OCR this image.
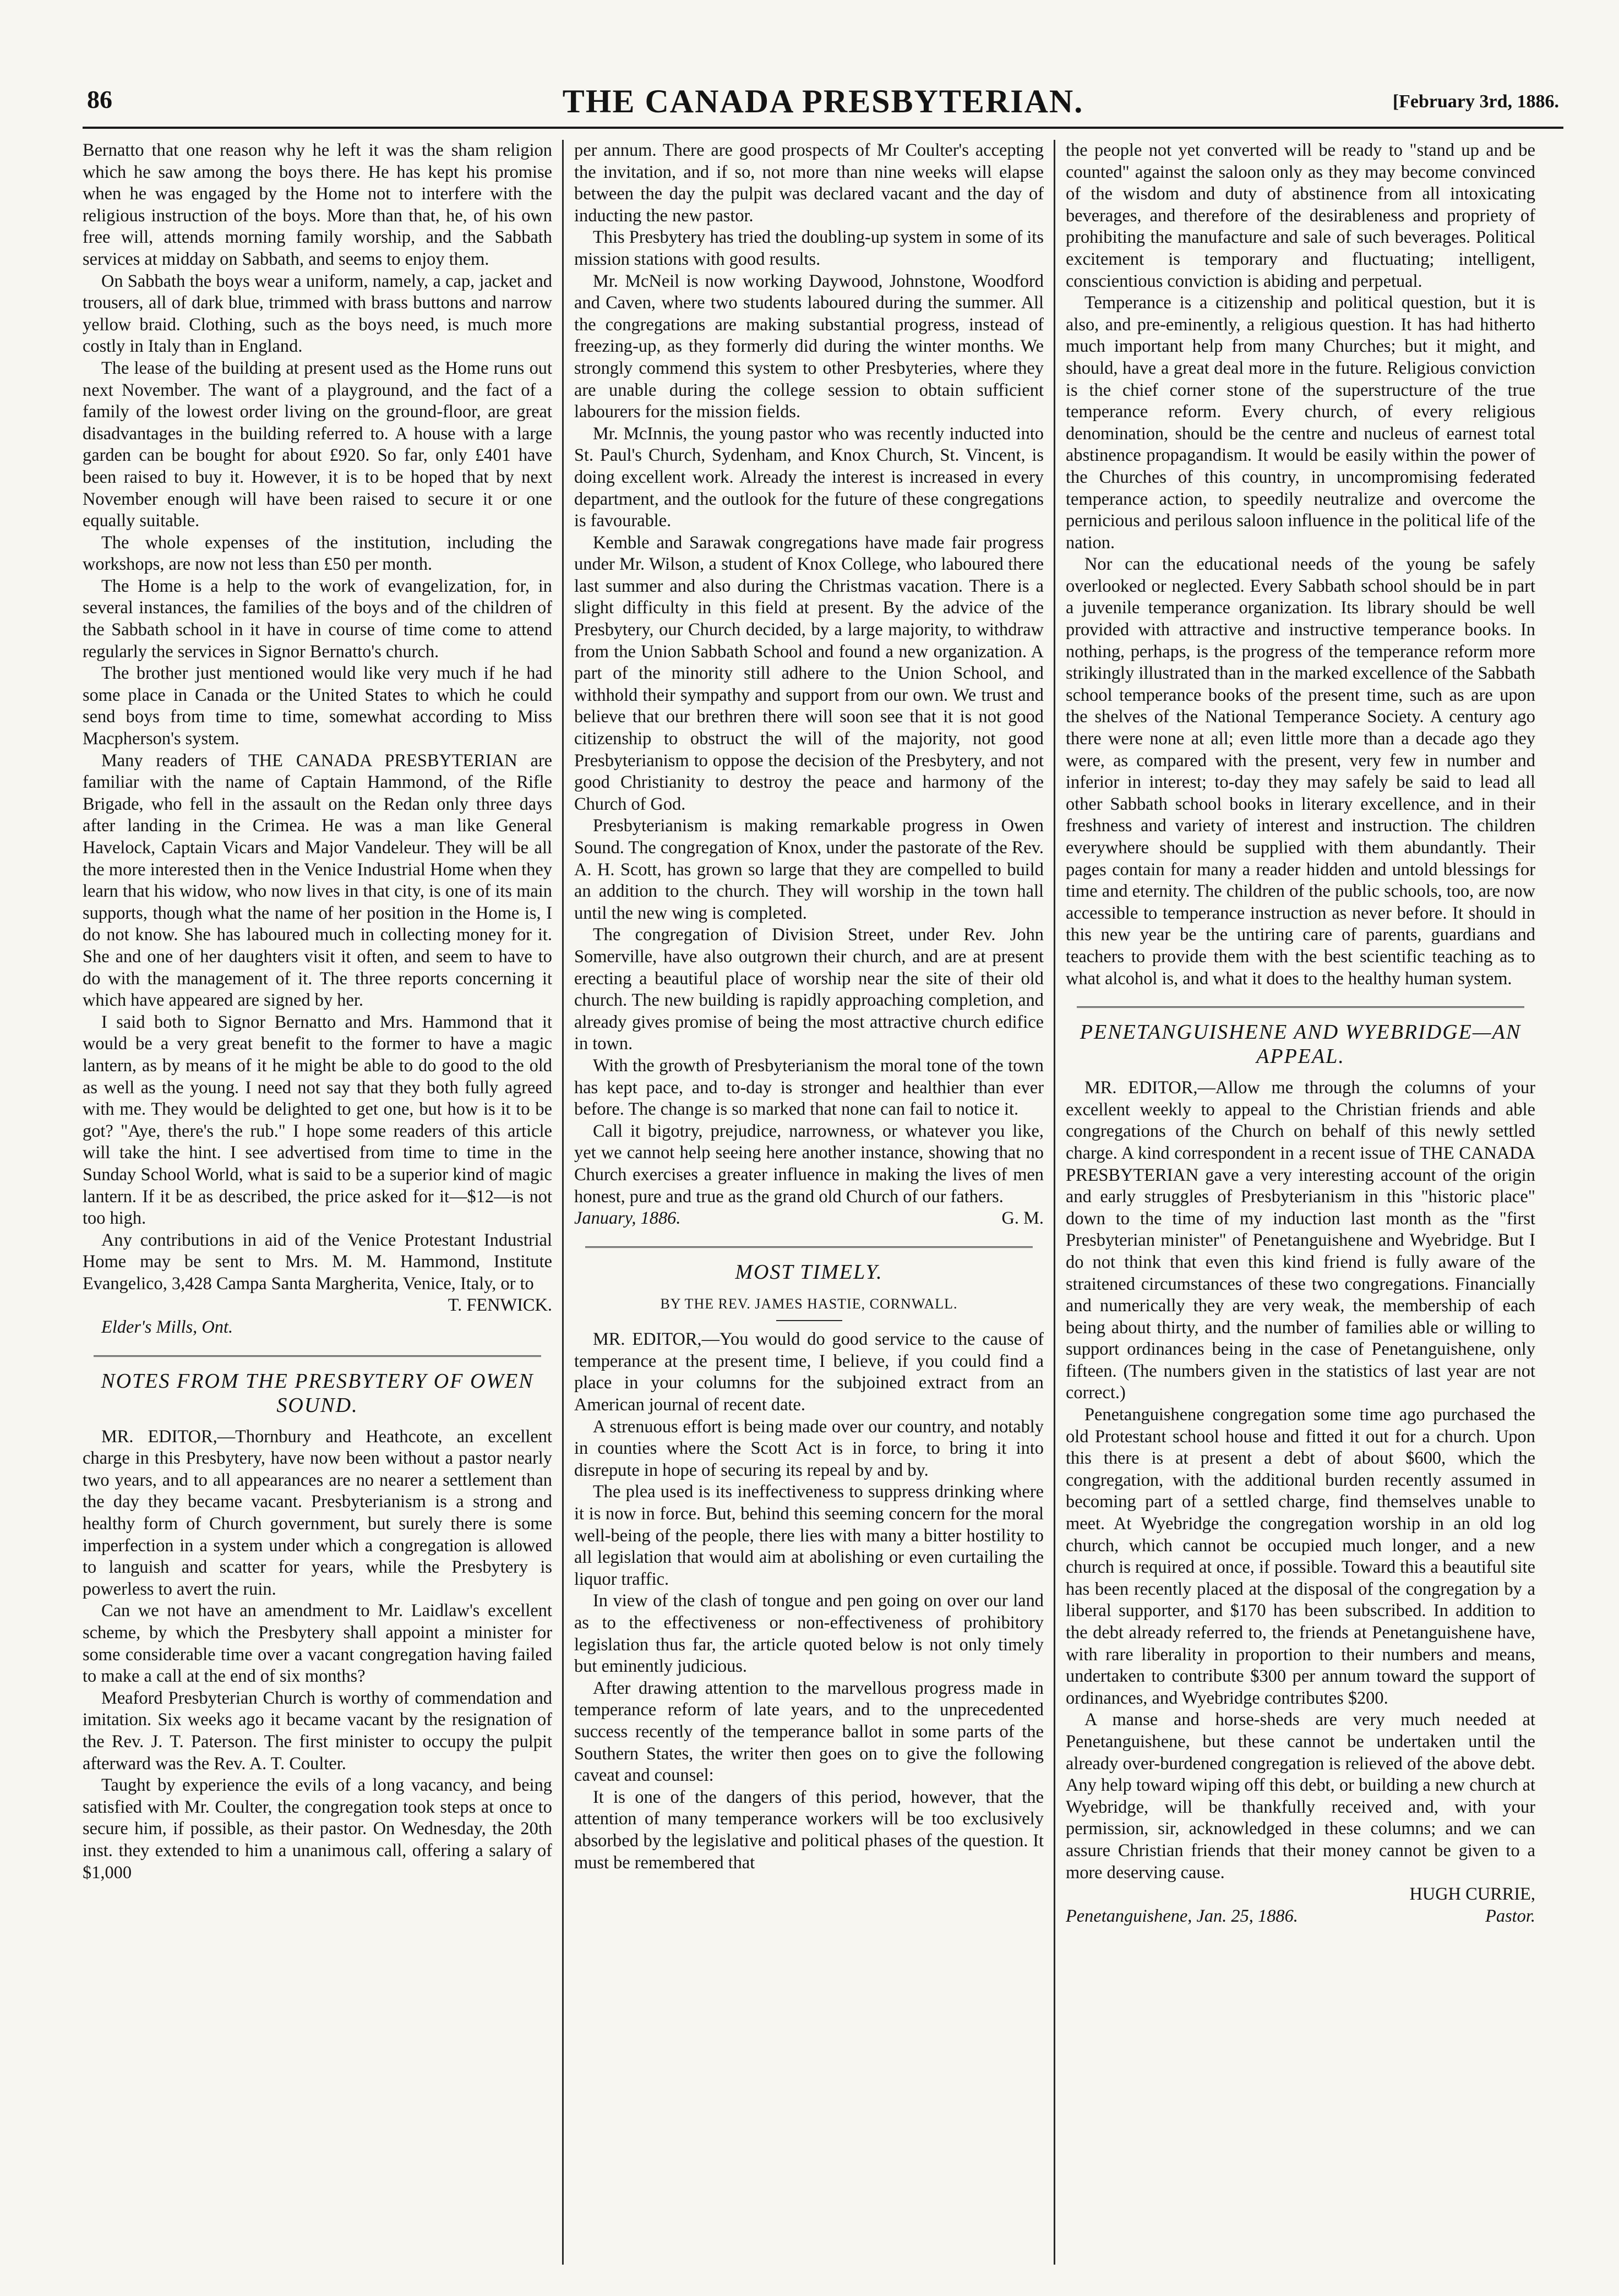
86	THE CANADA PRESBYTERIAN.	[February 3rd, 1886.

Bernatto that one reason why he left it was the sham religion which he saw among the boys there. He has kept his promise when he was engaged by the Home not to interfere with the religious instruction of the boys. More than that, he, of his own free will, attends morning family worship, and the Sabbath services at midday on Sabbath, and seems to enjoy them.

On Sabbath the boys wear a uniform, namely, a cap, jacket and trousers, all of dark blue, trimmed with brass buttons and narrow yellow braid. Clothing, such as the boys need, is much more costly in Italy than in England.

The lease of the building at present used as the Home runs out next November. The want of a playground, and the fact of a family of the lowest order living on the ground-floor, are great disadvantages in the building referred to. A house with a large garden can be bought for about £920. So far, only £401 have been raised to buy it. However, it is to be hoped that by next November enough will have been raised to secure it or one equally suitable.

The whole expenses of the institution, including the workshops, are now not less than £50 per month.

The Home is a help to the work of evangelization, for, in several instances, the families of the boys and of the children of the Sabbath school in it have in course of time come to attend regularly the services in Signor Bernatto's church.

The brother just mentioned would like very much if he had some place in Canada or the United States to which he could send boys from time to time, somewhat according to Miss Macpherson's system.

Many readers of THE CANADA PRESBYTERIAN are familiar with the name of Captain Hammond, of the Rifle Brigade, who fell in the assault on the Redan only three days after landing in the Crimea. He was a man like General Havelock, Captain Vicars and Major Vandeleur. They will be all the more interested then in the Venice Industrial Home when they learn that his widow, who now lives in that city, is one of its main supports, though what the name of her position in the Home is, I do not know. She has laboured much in collecting money for it. She and one of her daughters visit it often, and seem to have to do with the management of it. The three reports concerning it which have appeared are signed by her.

I said both to Signor Bernatto and Mrs. Hammond that it would be a very great benefit to the former to have a magic lantern, as by means of it he might be able to do good to the old as well as the young. I need not say that they both fully agreed with me. They would be delighted to get one, but how is it to be got? "Aye, there's the rub." I hope some readers of this article will take the hint. I see advertised from time to time in the Sunday School World, what is said to be a superior kind of magic lantern. If it be as described, the price asked for it—$12—is not too high.

Any contributions in aid of the Venice Protestant Industrial Home may be sent to Mrs. M. M. Hammond, Institute Evangelico, 3,428 Campa Santa Margherita, Venice, Italy, or to

T. FENWICK.

Elder's Mills, Ont.

NOTES FROM THE PRESBYTERY OF OWEN SOUND.

MR. EDITOR,—Thornbury and Heathcote, an excellent charge in this Presbytery, have now been without a pastor nearly two years, and to all appearances are no nearer a settlement than the day they became vacant. Presbyterianism is a strong and healthy form of Church government, but surely there is some imperfection in a system under which a congregation is allowed to languish and scatter for years, while the Presbytery is powerless to avert the ruin.

Can we not have an amendment to Mr. Laidlaw's excellent scheme, by which the Presbytery shall appoint a minister for some considerable time over a vacant congregation having failed to make a call at the end of six months?

Meaford Presbyterian Church is worthy of commendation and imitation. Six weeks ago it became vacant by the resignation of the Rev. J. T. Paterson. The first minister to occupy the pulpit afterward was the Rev. A. T. Coulter.

Taught by experience the evils of a long vacancy, and being satisfied with Mr. Coulter, the congregation took steps at once to secure him, if possible, as their pastor. On Wednesday, the 20th inst. they extended to him a unanimous call, offering a salary of $1,000

per annum. There are good prospects of Mr Coulter's accepting the invitation, and if so, not more than nine weeks will elapse between the day the pulpit was declared vacant and the day of inducting the new pastor.

This Presbytery has tried the doubling-up system in some of its mission stations with good results.

Mr. McNeil is now working Daywood, Johnstone, Woodford and Caven, where two students laboured during the summer. All the congregations are making substantial progress, instead of freezing-up, as they formerly did during the winter months. We strongly commend this system to other Presbyteries, where they are unable during the college session to obtain sufficient labourers for the mission fields.

Mr. McInnis, the young pastor who was recently inducted into St. Paul's Church, Sydenham, and Knox Church, St. Vincent, is doing excellent work. Already the interest is increased in every department, and the outlook for the future of these congregations is favourable.

Kemble and Sarawak congregations have made fair progress under Mr. Wilson, a student of Knox College, who laboured there last summer and also during the Christmas vacation. There is a slight difficulty in this field at present. By the advice of the Presbytery, our Church decided, by a large majority, to withdraw from the Union Sabbath School and found a new organization. A part of the minority still adhere to the Union School, and withhold their sympathy and support from our own. We trust and believe that our brethren there will soon see that it is not good citizenship to obstruct the will of the majority, not good Presbyterianism to oppose the decision of the Presbytery, and not good Christianity to destroy the peace and harmony of the Church of God.

Presbyterianism is making remarkable progress in Owen Sound. The congregation of Knox, under the pastorate of the Rev. A. H. Scott, has grown so large that they are compelled to build an addition to the church. They will worship in the town hall until the new wing is completed.

The congregation of Division Street, under Rev. John Somerville, have also outgrown their church, and are at present erecting a beautiful place of worship near the site of their old church. The new building is rapidly approaching completion, and already gives promise of being the most attractive church edifice in town.

With the growth of Presbyterianism the moral tone of the town has kept pace, and to-day is stronger and healthier than ever before. The change is so marked that none can fail to notice it.

Call it bigotry, prejudice, narrowness, or whatever you like, yet we cannot help seeing here another instance, showing that no Church exercises a greater influence in making the lives of men honest, pure and true as the grand old Church of our fathers.

January, 1886.	G. M.
MOST TIMELY.
BY THE REV. JAMES HASTIE, CORNWALL.

MR. EDITOR,—You would do good service to the cause of temperance at the present time, I believe, if you could find a place in your columns for the subjoined extract from an American journal of recent date.

A strenuous effort is being made over our country, and notably in counties where the Scott Act is in force, to bring it into disrepute in hope of securing its repeal by and by.

The plea used is its ineffectiveness to suppress drinking where it is now in force. But, behind this seeming concern for the moral well-being of the people, there lies with many a bitter hostility to all legislation that would aim at abolishing or even curtailing the liquor traffic.

In view of the clash of tongue and pen going on over our land as to the effectiveness or non-effectiveness of prohibitory legislation thus far, the article quoted below is not only timely but eminently judicious.

After drawing attention to the marvellous progress made in temperance reform of late years, and to the unprecedented success recently of the temperance ballot in some parts of the Southern States, the writer then goes on to give the following caveat and counsel:

It is one of the dangers of this period, however, that the attention of many temperance workers will be too exclusively absorbed by the legislative and political phases of the question. It must be remembered that

the people not yet converted will be ready to "stand up and be counted" against the saloon only as they may become convinced of the wisdom and duty of abstinence from all intoxicating beverages, and therefore of the desirableness and propriety of prohibiting the manufacture and sale of such beverages. Political excitement is temporary and fluctuating; intelligent, conscientious conviction is abiding and perpetual.

Temperance is a citizenship and political question, but it is also, and pre-eminently, a religious question. It has had hitherto much important help from many Churches; but it might, and should, have a great deal more in the future. Religious conviction is the chief corner stone of the superstructure of the true temperance reform. Every church, of every religious denomination, should be the centre and nucleus of earnest total abstinence propagandism. It would be easily within the power of the Churches of this country, in uncompromising federated temperance action, to speedily neutralize and overcome the pernicious and perilous saloon influence in the political life of the nation.

Nor can the educational needs of the young be safely overlooked or neglected. Every Sabbath school should be in part a juvenile temperance organization. Its library should be well provided with attractive and instructive temperance books. In nothing, perhaps, is the progress of the temperance reform more strikingly illustrated than in the marked excellence of the Sabbath school temperance books of the present time, such as are upon the shelves of the National Temperance Society. A century ago there were none at all; even little more than a decade ago they were, as compared with the present, very few in number and inferior in interest; to-day they may safely be said to lead all other Sabbath school books in literary excellence, and in their freshness and variety of interest and instruction. The children everywhere should be supplied with them abundantly. Their pages contain for many a reader hidden and untold blessings for time and eternity. The children of the public schools, too, are now accessible to temperance instruction as never before. It should in this new year be the untiring care of parents, guardians and teachers to provide them with the best scientific teaching as to what alcohol is, and what it does to the healthy human system.

PENETANGUISHENE AND WYEBRIDGE—AN APPEAL.

MR. EDITOR,—Allow me through the columns of your excellent weekly to appeal to the Christian friends and able congregations of the Church on behalf of this newly settled charge. A kind correspondent in a recent issue of THE CANADA PRESBYTERIAN gave a very interesting account of the origin and early struggles of Presbyterianism in this "historic place" down to the time of my induction last month as the "first Presbyterian minister" of Penetanguishene and Wyebridge. But I do not think that even this kind friend is fully aware of the straitened circumstances of these two congregations. Financially and numerically they are very weak, the membership of each being about thirty, and the number of families able or willing to support ordinances being in the case of Penetanguishene, only fifteen. (The numbers given in the statistics of last year are not correct.)

Penetanguishene congregation some time ago purchased the old Protestant school house and fitted it out for a church. Upon this there is at present a debt of about $600, which the congregation, with the additional burden recently assumed in becoming part of a settled charge, find themselves unable to meet. At Wyebridge the congregation worship in an old log church, which cannot be occupied much longer, and a new church is required at once, if possible. Toward this a beautiful site has been recently placed at the disposal of the congregation by a liberal supporter, and $170 has been subscribed. In addition to the debt already referred to, the friends at Penetanguishene have, with rare liberality in proportion to their numbers and means, undertaken to contribute $300 per annum toward the support of ordinances, and Wyebridge contributes $200.

A manse and horse-sheds are very much needed at Penetanguishene, but these cannot be undertaken until the already over-burdened congregation is relieved of the above debt. Any help toward wiping off this debt, or building a new church at Wyebridge, will be thankfully received and, with your permission, sir, acknowledged in these columns; and we can assure Christian friends that their money cannot be given to a more deserving cause.

HUGH CURRIE,

Penetanguishene, Jan. 25, 1886.	Pastor.
